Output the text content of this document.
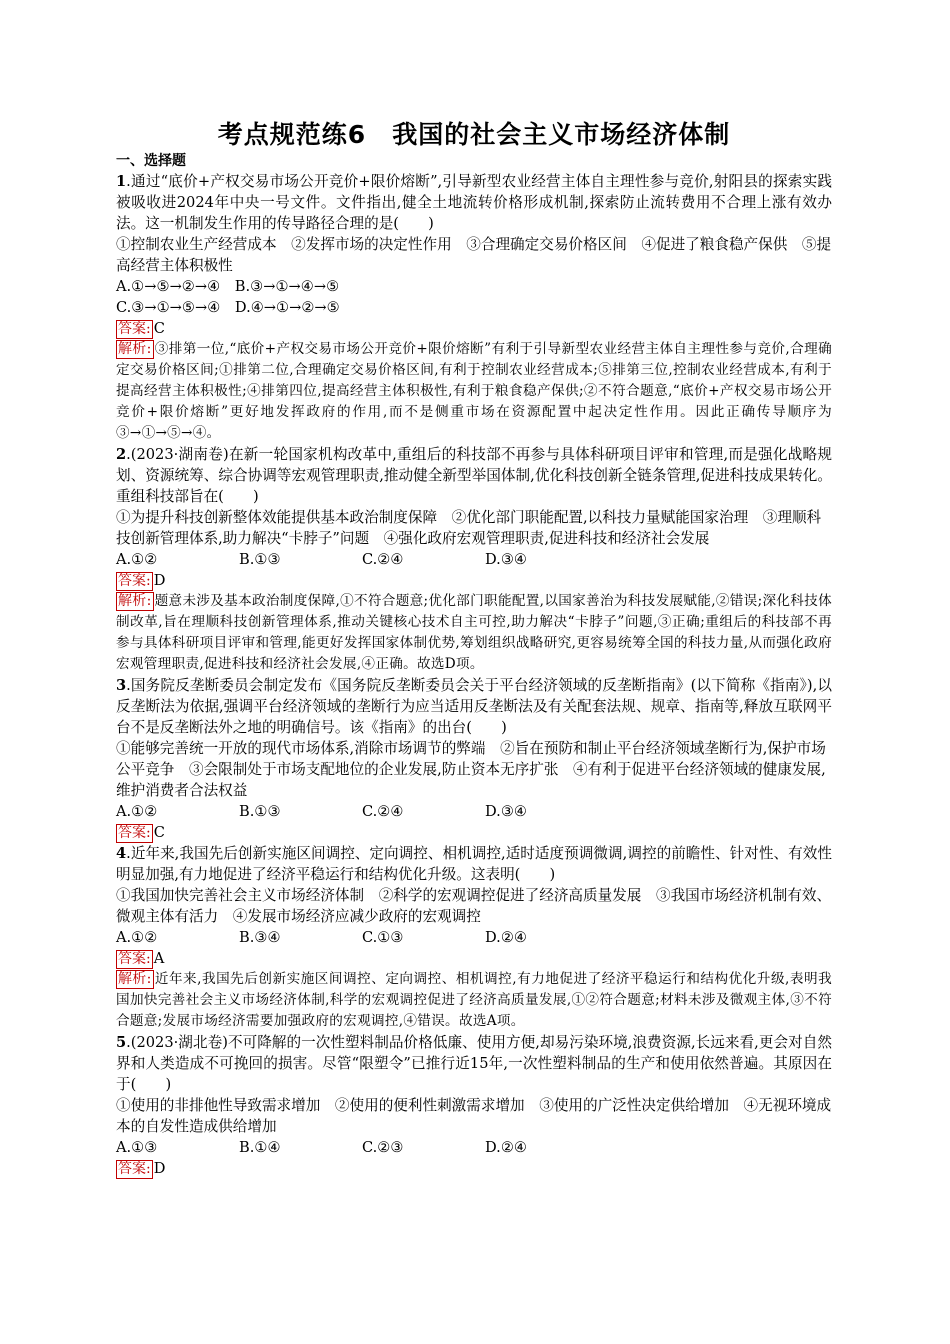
考点规范练6　我国的社会主义市场经济体制
一、选择题

1.通过“底价+产权交易市场公开竞价+限价熔断”,引导新型农业经营主体自主理性参与竞价,射阳县的探索实践被吸收进2024年中央一号文件。文件指出,健全土地流转价格形成机制,探索防止流转费用不合理上涨有效办法。这一机制发生作用的传导路径合理的是(　　)

①控制农业生产经营成本　②发挥市场的决定性作用　③合理确定交易价格区间　④促进了粮食稳产保供　⑤提高经营主体积极性

A.①→⑤→②→④　B.③→①→④→⑤
C.③→①→⑤→④　D.④→①→②→⑤

答案: C

解析: ③排第一位,“底价+产权交易市场公开竞价+限价熔断”有利于引导新型农业经营主体自主理性参与竞价,合理确定交易价格区间;①排第二位,合理确定交易价格区间,有利于控制农业经营成本;⑤排第三位,控制农业经营成本,有利于提高经营主体积极性;④排第四位,提高经营主体积极性,有利于粮食稳产保供;②不符合题意,“底价+产权交易市场公开竞价+限价熔断”更好地发挥政府的作用,而不是侧重市场在资源配置中起决定性作用。因此正确传导顺序为③→①→⑤→④。

2.(2023·湖南卷)在新一轮国家机构改革中,重组后的科技部不再参与具体科研项目评审和管理,而是强化战略规划、资源统筹、综合协调等宏观管理职责,推动健全新型举国体制,优化科技创新全链条管理,促进科技成果转化。重组科技部旨在(　　)

①为提升科技创新整体效能提供基本政治制度保障　②优化部门职能配置,以科技力量赋能国家治理　③理顺科技创新管理体系,助力解决“卡脖子”问题　④强化政府宏观管理职责,促进科技和经济社会发展

A.①②	B.①③	C.②④	D.③④

答案: D

解析: 题意未涉及基本政治制度保障,①不符合题意;优化部门职能配置,以国家善治为科技发展赋能,②错误;深化科技体制改革,旨在理顺科技创新管理体系,推动关键核心技术自主可控,助力解决“卡脖子”问题,③正确;重组后的科技部不再参与具体科研项目评审和管理,能更好发挥国家体制优势,筹划组织战略研究,更容易统筹全国的科技力量,从而强化政府宏观管理职责,促进科技和经济社会发展,④正确。故选D项。

3.国务院反垄断委员会制定发布《国务院反垄断委员会关于平台经济领域的反垄断指南》(以下简称《指南》),以反垄断法为依据,强调平台经济领域的垄断行为应当适用反垄断法及有关配套法规、规章、指南等,释放互联网平台不是反垄断法外之地的明确信号。该《指南》的出台(　　)

①能够完善统一开放的现代市场体系,消除市场调节的弊端　②旨在预防和制止平台经济领域垄断行为,保护市场公平竞争　③会限制处于市场支配地位的企业发展,防止资本无序扩张　④有利于促进平台经济领域的健康发展,维护消费者合法权益

A.①②	B.①③	C.②④	D.③④

答案: C

4.近年来,我国先后创新实施区间调控、定向调控、相机调控,适时适度预调微调,调控的前瞻性、针对性、有效性明显加强,有力地促进了经济平稳运行和结构优化升级。这表明(　　)

①我国加快完善社会主义市场经济体制　②科学的宏观调控促进了经济高质量发展　③我国市场经济机制有效、微观主体有活力　④发展市场经济应减少政府的宏观调控

A.①②	B.③④	C.①③	D.②④

答案: A

解析: 近年来,我国先后创新实施区间调控、定向调控、相机调控,有力地促进了经济平稳运行和结构优化升级,表明我国加快完善社会主义市场经济体制,科学的宏观调控促进了经济高质量发展,①②符合题意;材料未涉及微观主体,③不符合题意;发展市场经济需要加强政府的宏观调控,④错误。故选A项。

5.(2023·湖北卷)不可降解的一次性塑料制品价格低廉、使用方便,却易污染环境,浪费资源,长远来看,更会对自然界和人类造成不可挽回的损害。尽管“限塑令”已推行近15年,一次性塑料制品的生产和使用依然普遍。其原因在于(　　)

①使用的非排他性导致需求增加　②使用的便利性刺激需求增加　③使用的广泛性决定供给增加　④无视环境成本的自发性造成供给增加

A.①③	B.①④	C.②③	D.②④

答案: D
